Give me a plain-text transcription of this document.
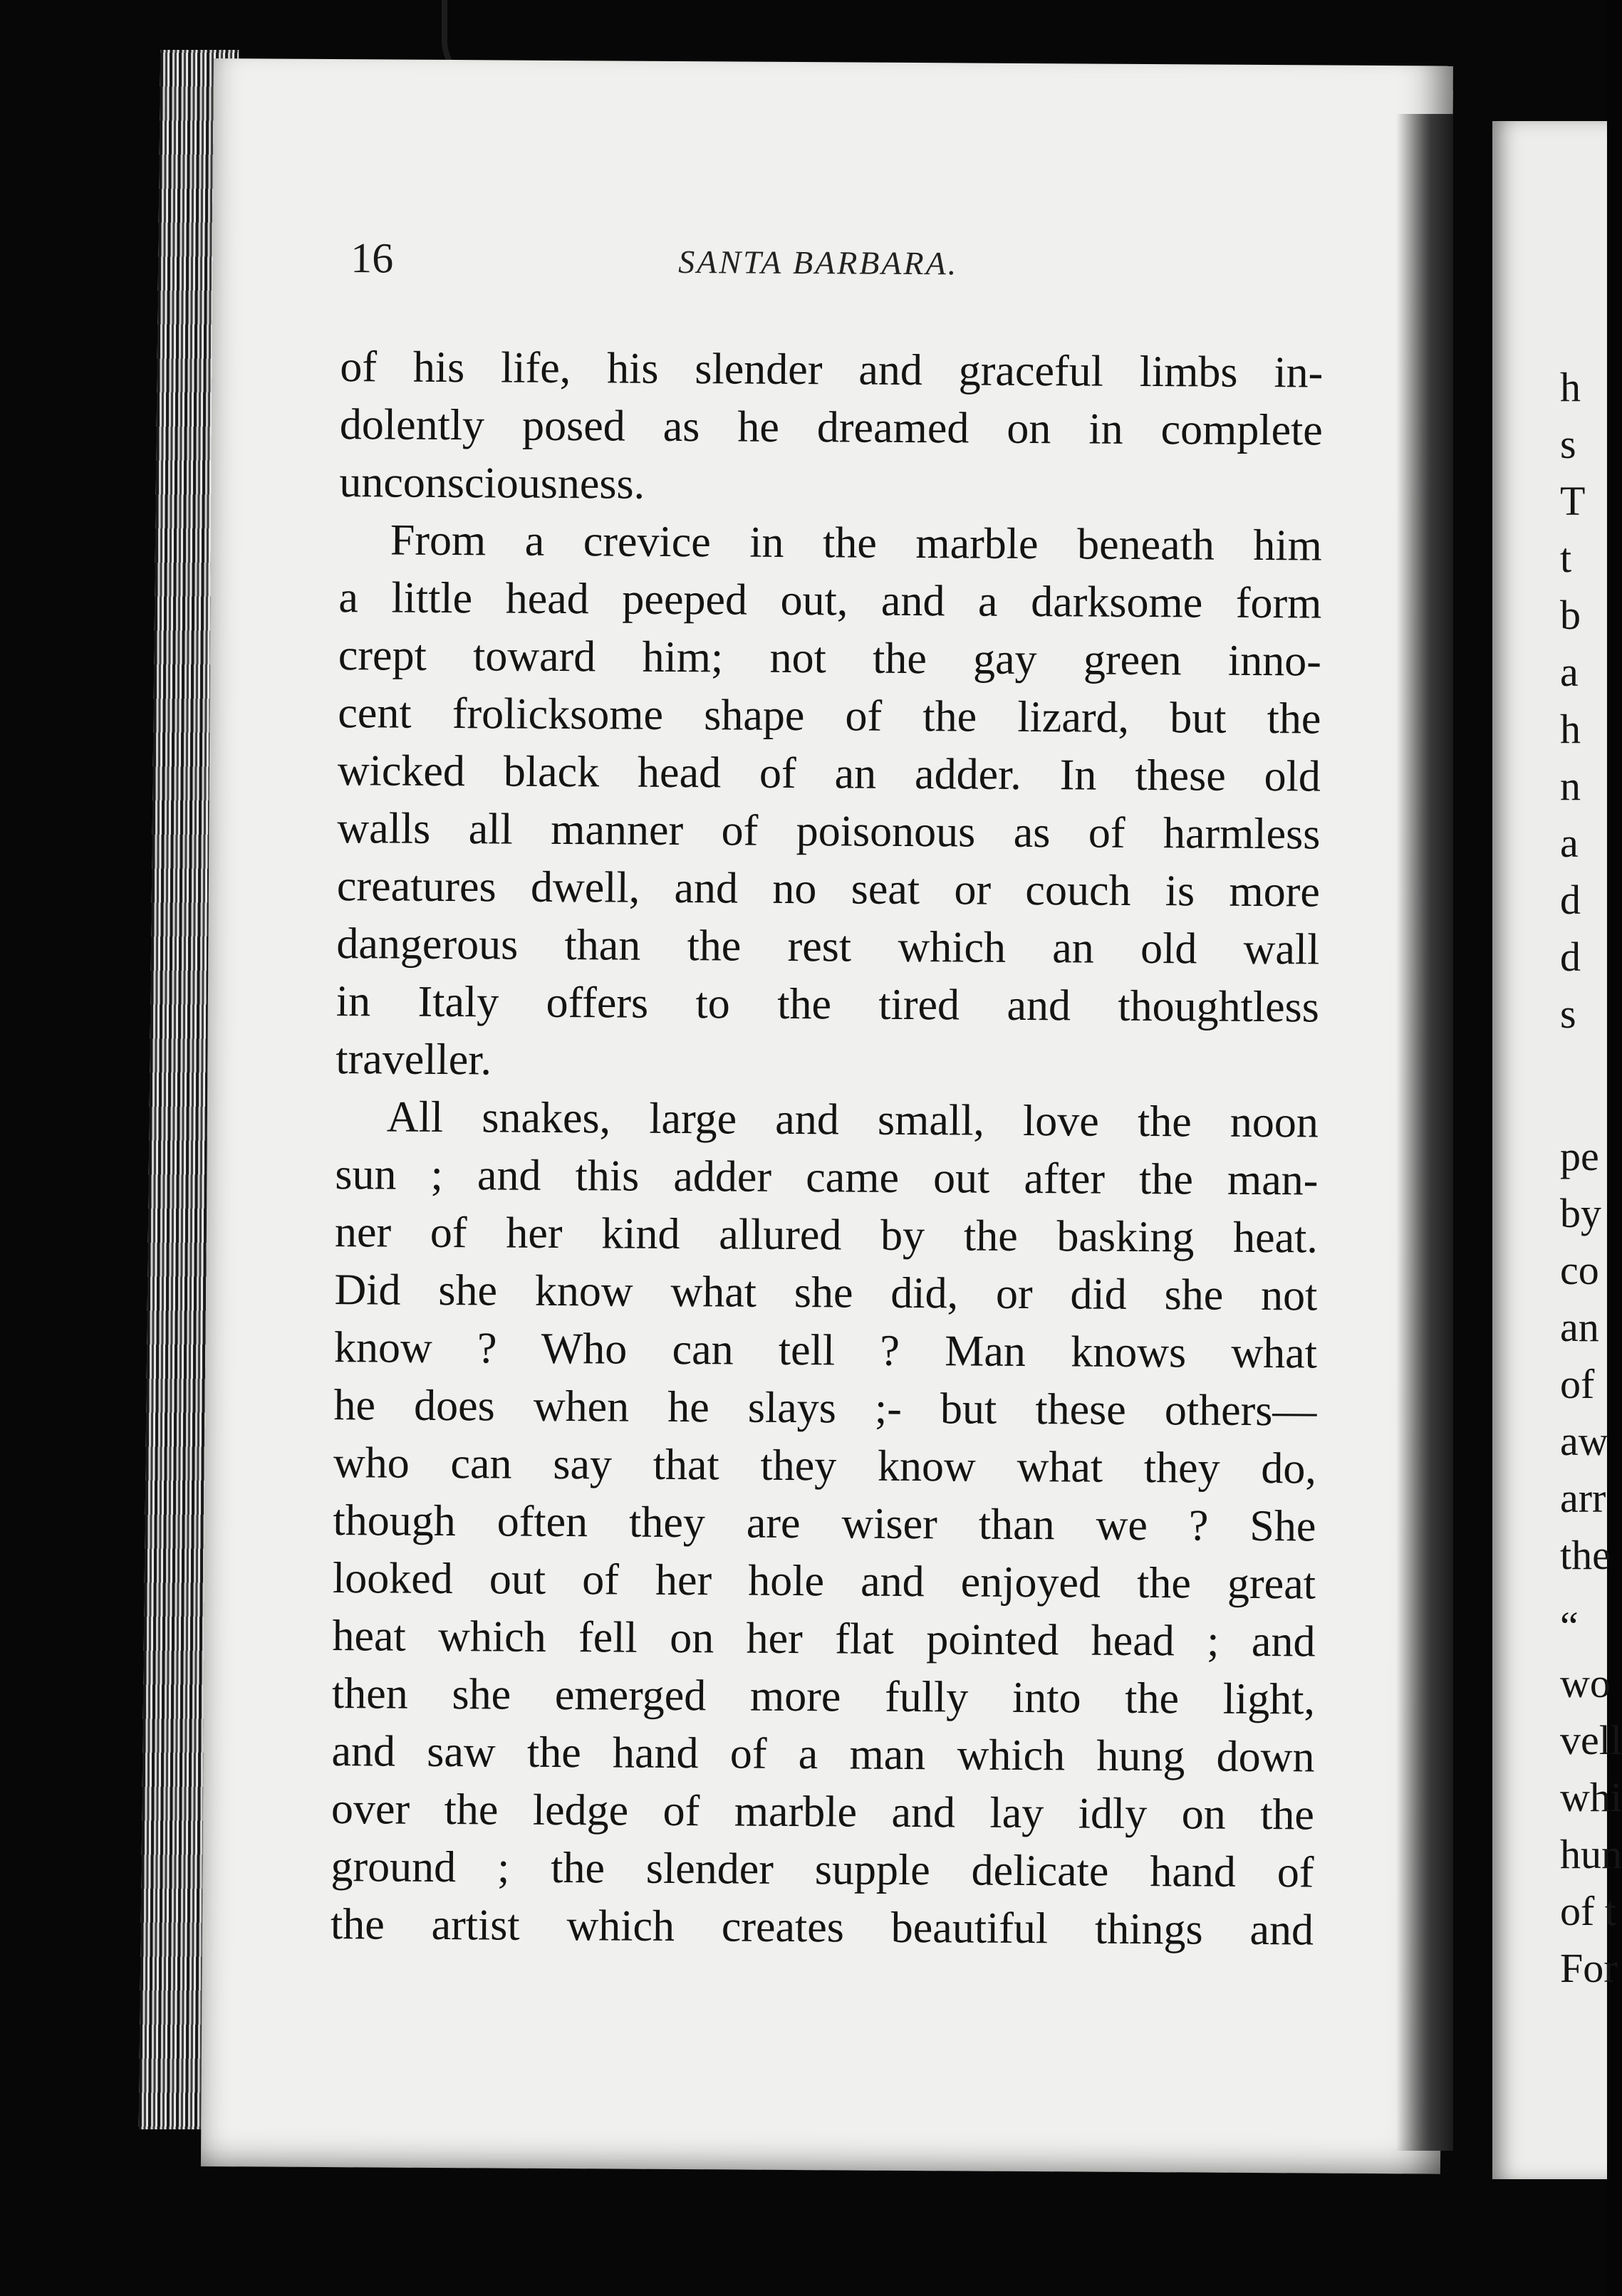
16	SANTA BARBARA.
of his life, his slender and graceful limbs in-
dolently posed as he dreamed on in complete
unconsciousness.
From a crevice in the marble beneath him
a little head peeped out, and a darksome form
crept toward him; not the gay green inno-
cent frolicksome shape of the lizard, but the
wicked black head of an adder. In these old
walls all manner of poisonous as of harmless
creatures dwell, and no seat or couch is more
dangerous than the rest which an old wall
in Italy offers to the tired and thoughtless
traveller.
All snakes, large and small, love the noon
sun ; and this adder came out after the man-
ner of her kind allured by the basking heat.
Did she know what she did, or did she not
know ? Who can tell ? Man knows what
he does when he slays ;- but these others—
who can say that they know what they do,
though often they are wiser than we ? She
looked out of her hole and enjoyed the great
heat which fell on her flat pointed head ; and
then she emerged more fully into the light,
and saw the hand of a man which hung down
over the ledge of marble and lay idly on the
ground ; the slender supple delicate hand of
the artist which creates beautiful things and
h
s
T
t
b
a
h
n
a
d
d
s
pe
by
co
an
of
aw
arr
the
“
wo
vell
whi
hun
of t
For
